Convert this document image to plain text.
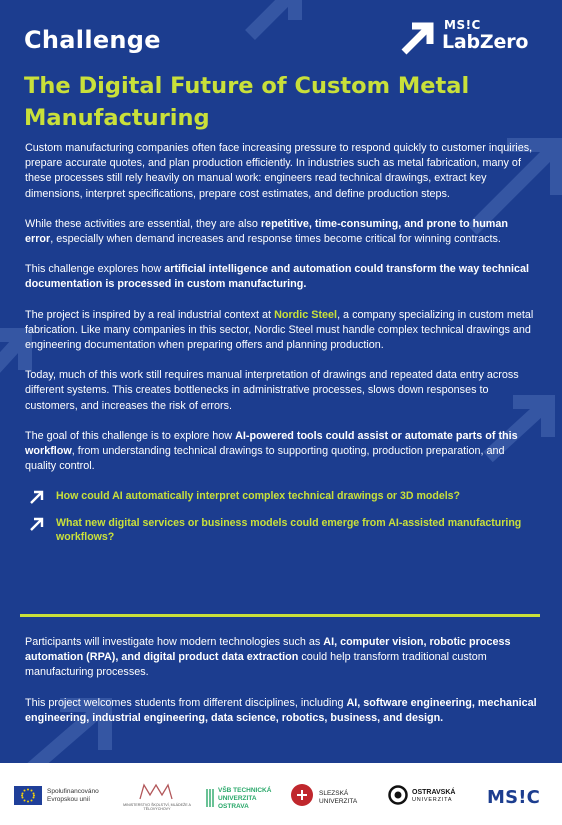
Challenge
MS!C
LabZero
The Digital Future of Custom Metal Manufacturing

Custom manufacturing companies often face increasing pressure to respond quickly to customer inquiries, prepare accurate quotes, and plan production efficiently. In industries such as metal fabrication, many of these processes still rely heavily on manual work: engineers read technical drawings, extract key dimensions, interpret specifications, prepare cost estimates, and define production steps.

While these activities are essential, they are also repetitive, time-consuming, and prone to human error, especially when demand increases and response times become critical for winning contracts.

This challenge explores how artificial intelligence and automation could transform the way technical documentation is processed in custom manufacturing.

The project is inspired by a real industrial context at Nordic Steel, a company specializing in custom metal fabrication. Like many companies in this sector, Nordic Steel must handle complex technical drawings and engineering documentation when preparing offers and planning production.

Today, much of this work still requires manual interpretation of drawings and repeated data entry across different systems. This creates bottlenecks in administrative processes, slows down responses to customers, and increases the risk of errors.

The goal of this challenge is to explore how AI-powered tools could assist or automate parts of this workflow, from understanding technical drawings to supporting quoting, production preparation, and quality control.

How could AI automatically interpret complex technical drawings or 3D models?
What new digital services or business models could emerge from AI-assisted manufacturing workflows?

Participants will investigate how modern technologies such as AI, computer vision, robotic process automation (RPA), and digital product data extraction could help transform traditional custom manufacturing processes.

This project welcomes students from different disciplines, including AI, software engineering, mechanical engineering, industrial engineering, data science, robotics, business, and design.

Spolufinancováno
Evropskou unií
MINISTERSTVO ŠKOLSTVÍ, MLÁDEŽE A TĚLOVÝCHOVY
VŠB TECHNICKÁ
UNIVERZITA
OSTRAVA
SLEZSKÁ
UNIVERZITA
OSTRAVSKÁ
UNIVERZITA MS!C
